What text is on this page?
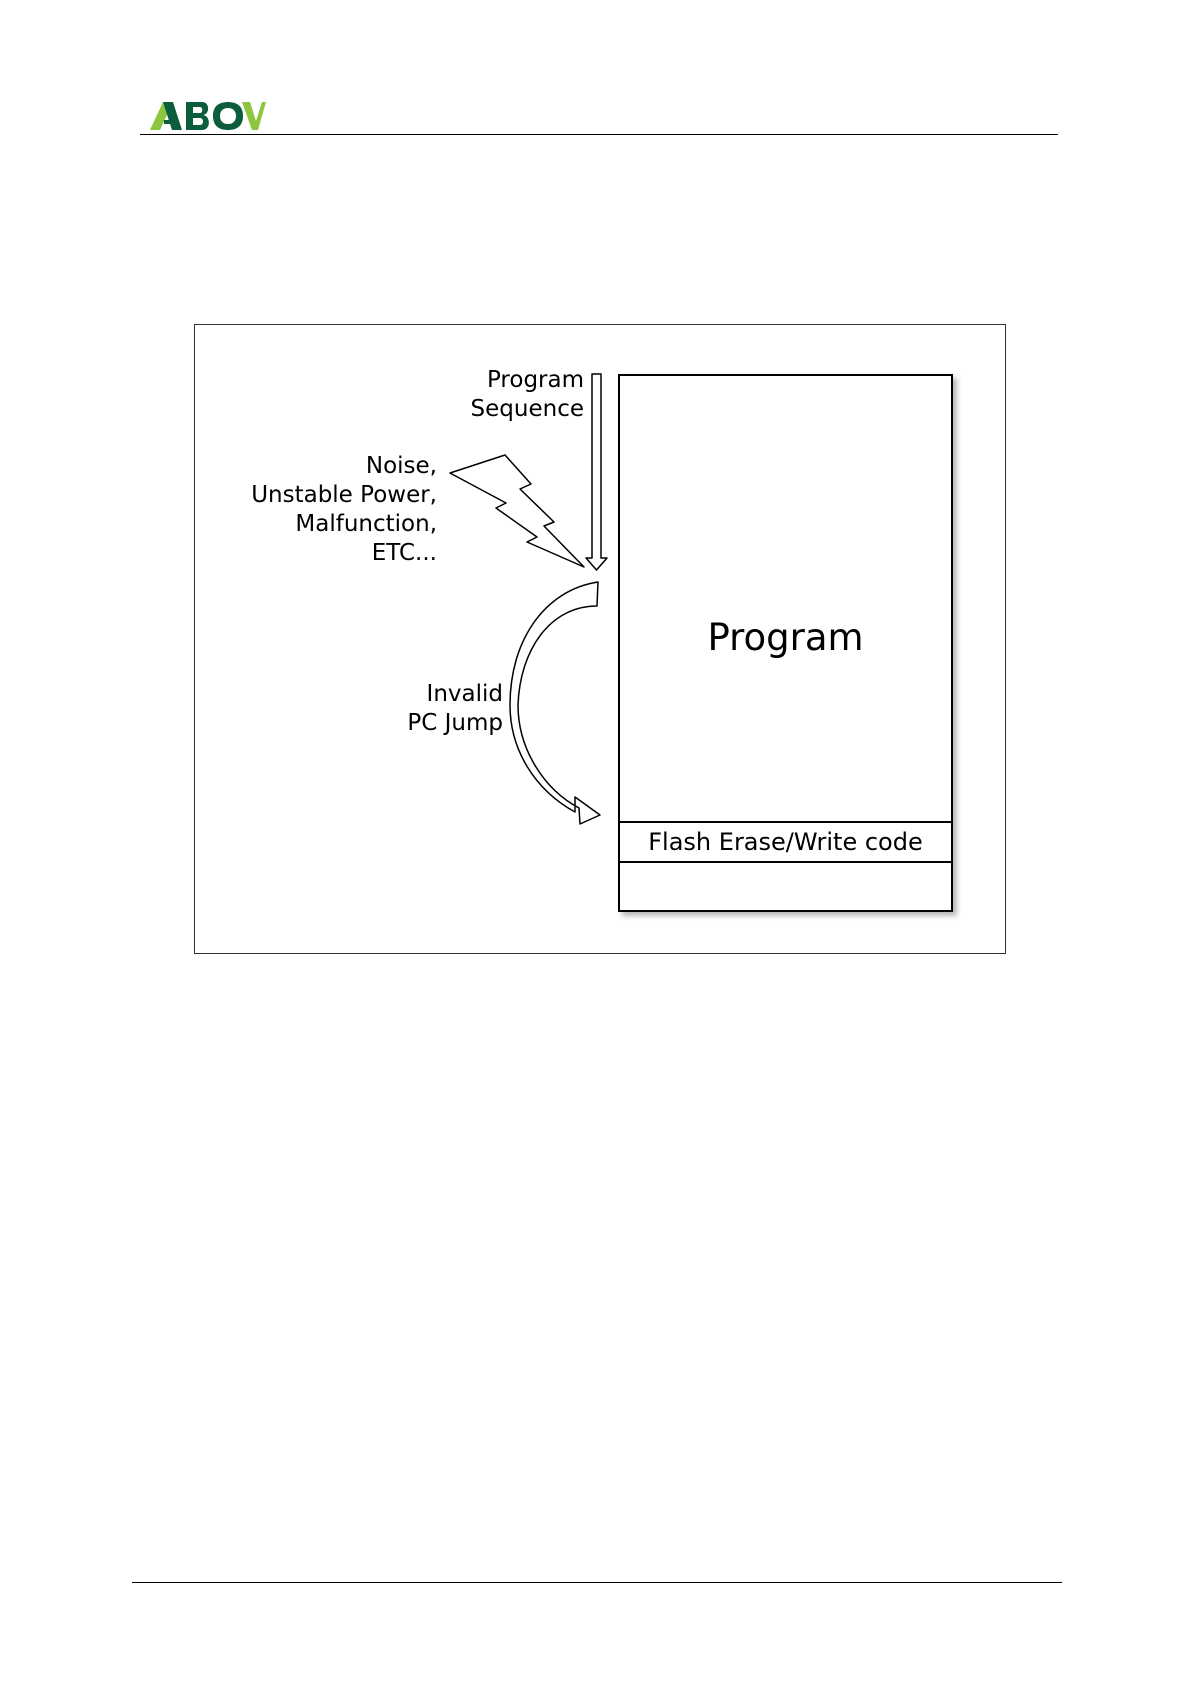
Program
Flash Erase/Write code
Program
Sequence
Noise,
Unstable Power,
Malfunction,
ETC...
Invalid
PC Jump
